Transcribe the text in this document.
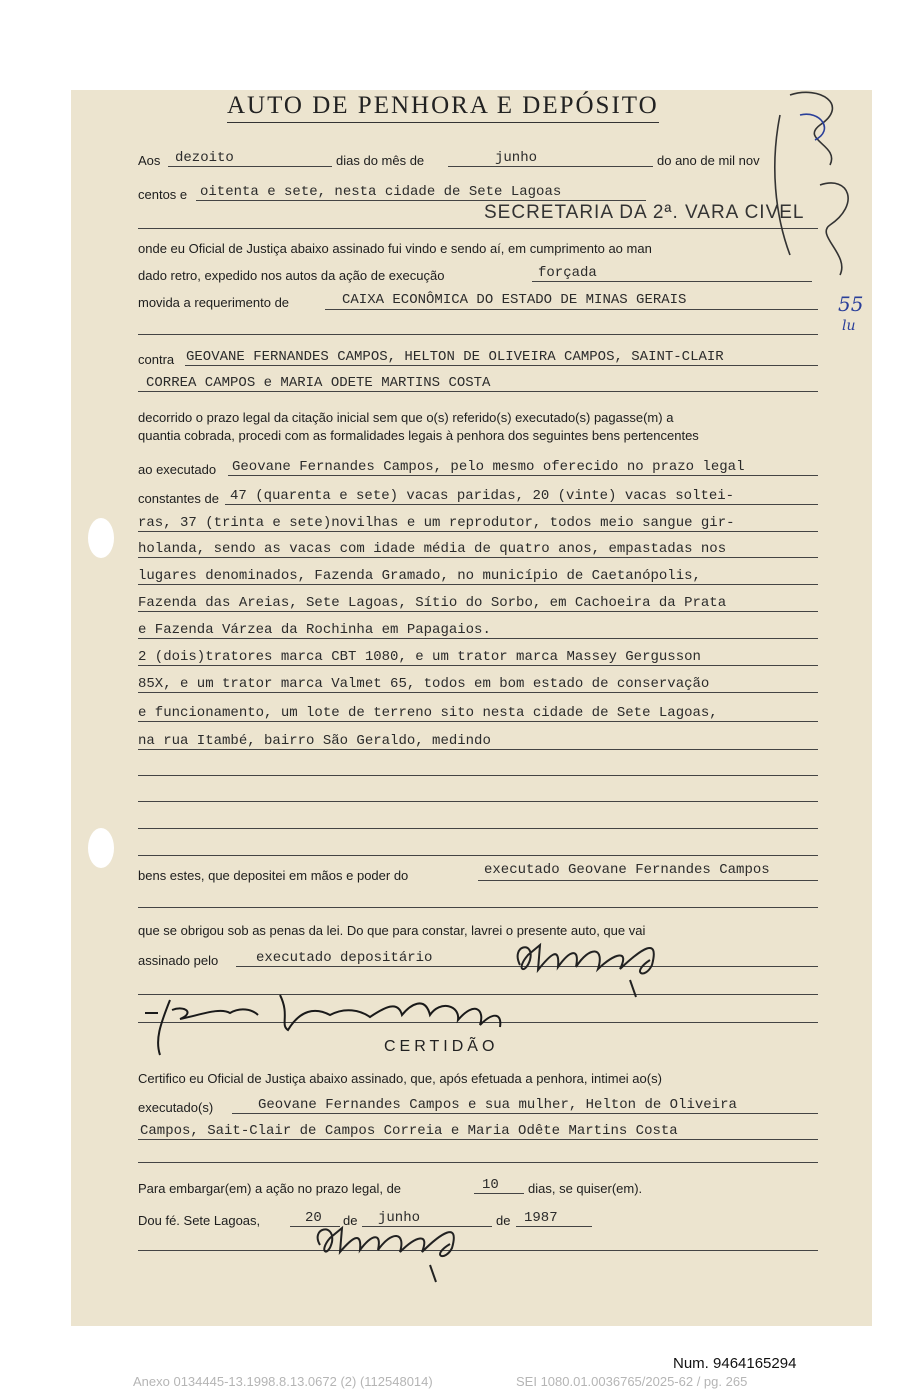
AUTO DE PENHORA E DEPÓSITO
Aos dezoito	dias do mês de	junho	do ano de mil nov
centos e oitenta e sete, nesta cidade de Sete Lagoas
SECRETARIA DA 2ª. VARA CIVEL
onde eu Oficial de Justiça abaixo assinado fui vindo e sendo aí, em cumprimento ao man
dado retro, expedido nos autos da ação de execução	forçada
movida a requerimento de	CAIXA ECONÔMICA DO ESTADO DE MINAS GERAIS
contra GEOVANE FERNANDES CAMPOS, HELTON DE OLIVEIRA CAMPOS, SAINT-CLAIR
CORREA CAMPOS e MARIA ODETE MARTINS COSTA
decorrido o prazo legal da citação inicial sem que o(s) referido(s) executado(s) pagasse(m) a
quantia cobrada, procedi com as formalidades legais à penhora dos seguintes bens pertencentes
ao executado Geovane Fernandes Campos, pelo mesmo oferecido no prazo legal
constantes de 47 (quarenta e sete) vacas paridas, 20 (vinte) vacas soltei-
ras, 37 (trinta e sete)novilhas e um reprodutor, todos meio sangue gir-
holanda, sendo as vacas com idade média de quatro anos, empastadas nos
lugares denominados, Fazenda Gramado, no município de Caetanópolis,
Fazenda das Areias, Sete Lagoas, Sítio do Sorbo, em Cachoeira da Prata
e Fazenda Várzea da Rochinha em Papagaios.
2 (dois)tratores marca CBT 1080, e um trator marca Massey Gergusson
85X, e um trator marca Valmet 65, todos em bom estado de conservação
e funcionamento, um lote de terreno sito nesta cidade de Sete Lagoas,
na rua Itambé, bairro São Geraldo, medindo
bens estes, que depositei em mãos e poder do	executado Geovane Fernandes Campos
que se obrigou sob as penas da lei. Do que para constar, lavrei o presente auto, que vai
assinado pelo	executado depositário
CERTIDÃO
Certifico eu Oficial de Justiça abaixo assinado, que, após efetuada a penhora, intimei ao(s)
executado(s)	Geovane Fernandes Campos e sua mulher, Helton de Oliveira
Campos, Sait-Clair de Campos Correia e Maria Odête Martins Costa
Para embargar(em) a ação no prazo legal, de	10 dias, se quiser(em).
Dou fé. Sete Lagoas,	20 de junho	de 1987
55
lu
Num. 9464165294
Anexo 0134445-13.1998.8.13.0672 (2) (112548014)	SEI 1080.01.0036765/2025-62 / pg. 265
